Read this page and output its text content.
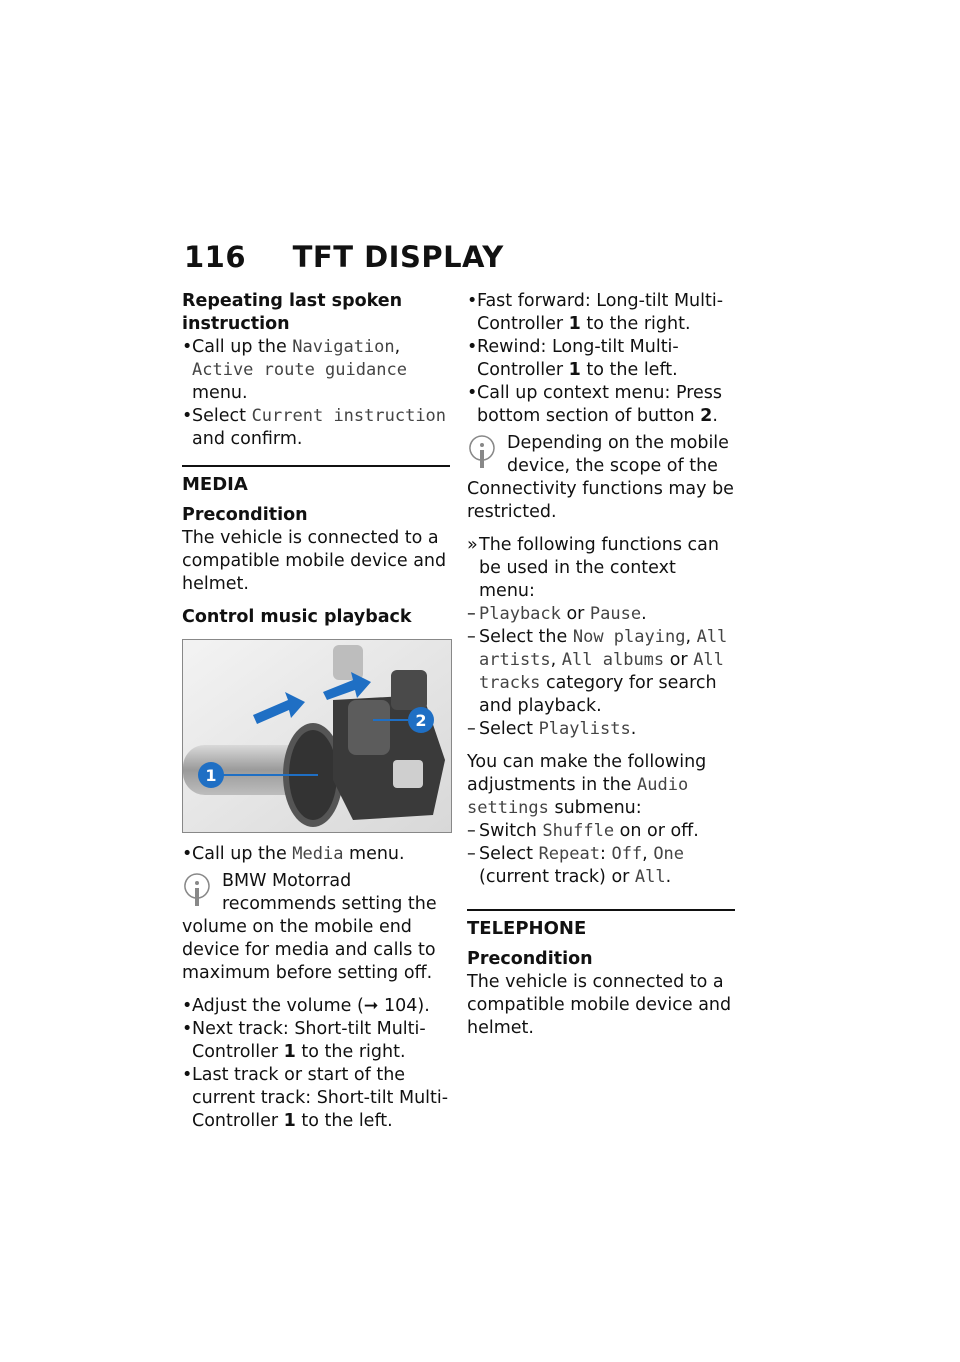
116 TFT DISPLAY

Repeating last spoken instruction

• Call up the Navigation, Active route guidance menu.
• Select Current instruction and confirm.
MEDIA

Precondition

The vehicle is connected to a compatible mobile device and helmet.

Control music playback

1
2
• Call up the Media menu.
BMW Motorrad recommends setting the volume on the mobile end device for media and calls to maximum before setting off.
• Adjust the volume (➞ 104).
• Next track: Short-tilt Multi-Controller 1 to the right.
• Last track or start of the current track: Short-tilt Multi-Controller 1 to the left.
• Fast forward: Long-tilt Multi-Controller 1 to the right.
• Rewind: Long-tilt Multi-Controller 1 to the left.
• Call up context menu: Press bottom section of button 2.
Depending on the mobile device, the scope of the Connectivity functions may be restricted.
» The following functions can be used in the context menu:
– Playback or Pause.
– Select the Now playing, All artists, All albums or All tracks category for search and playback.
– Select Playlists.

You can make the following adjustments in the Audio settings submenu:

– Switch Shuffle on or off.
– Select Repeat: Off, One (current track) or All.
TELEPHONE

Precondition

The vehicle is connected to a compatible mobile device and helmet.
